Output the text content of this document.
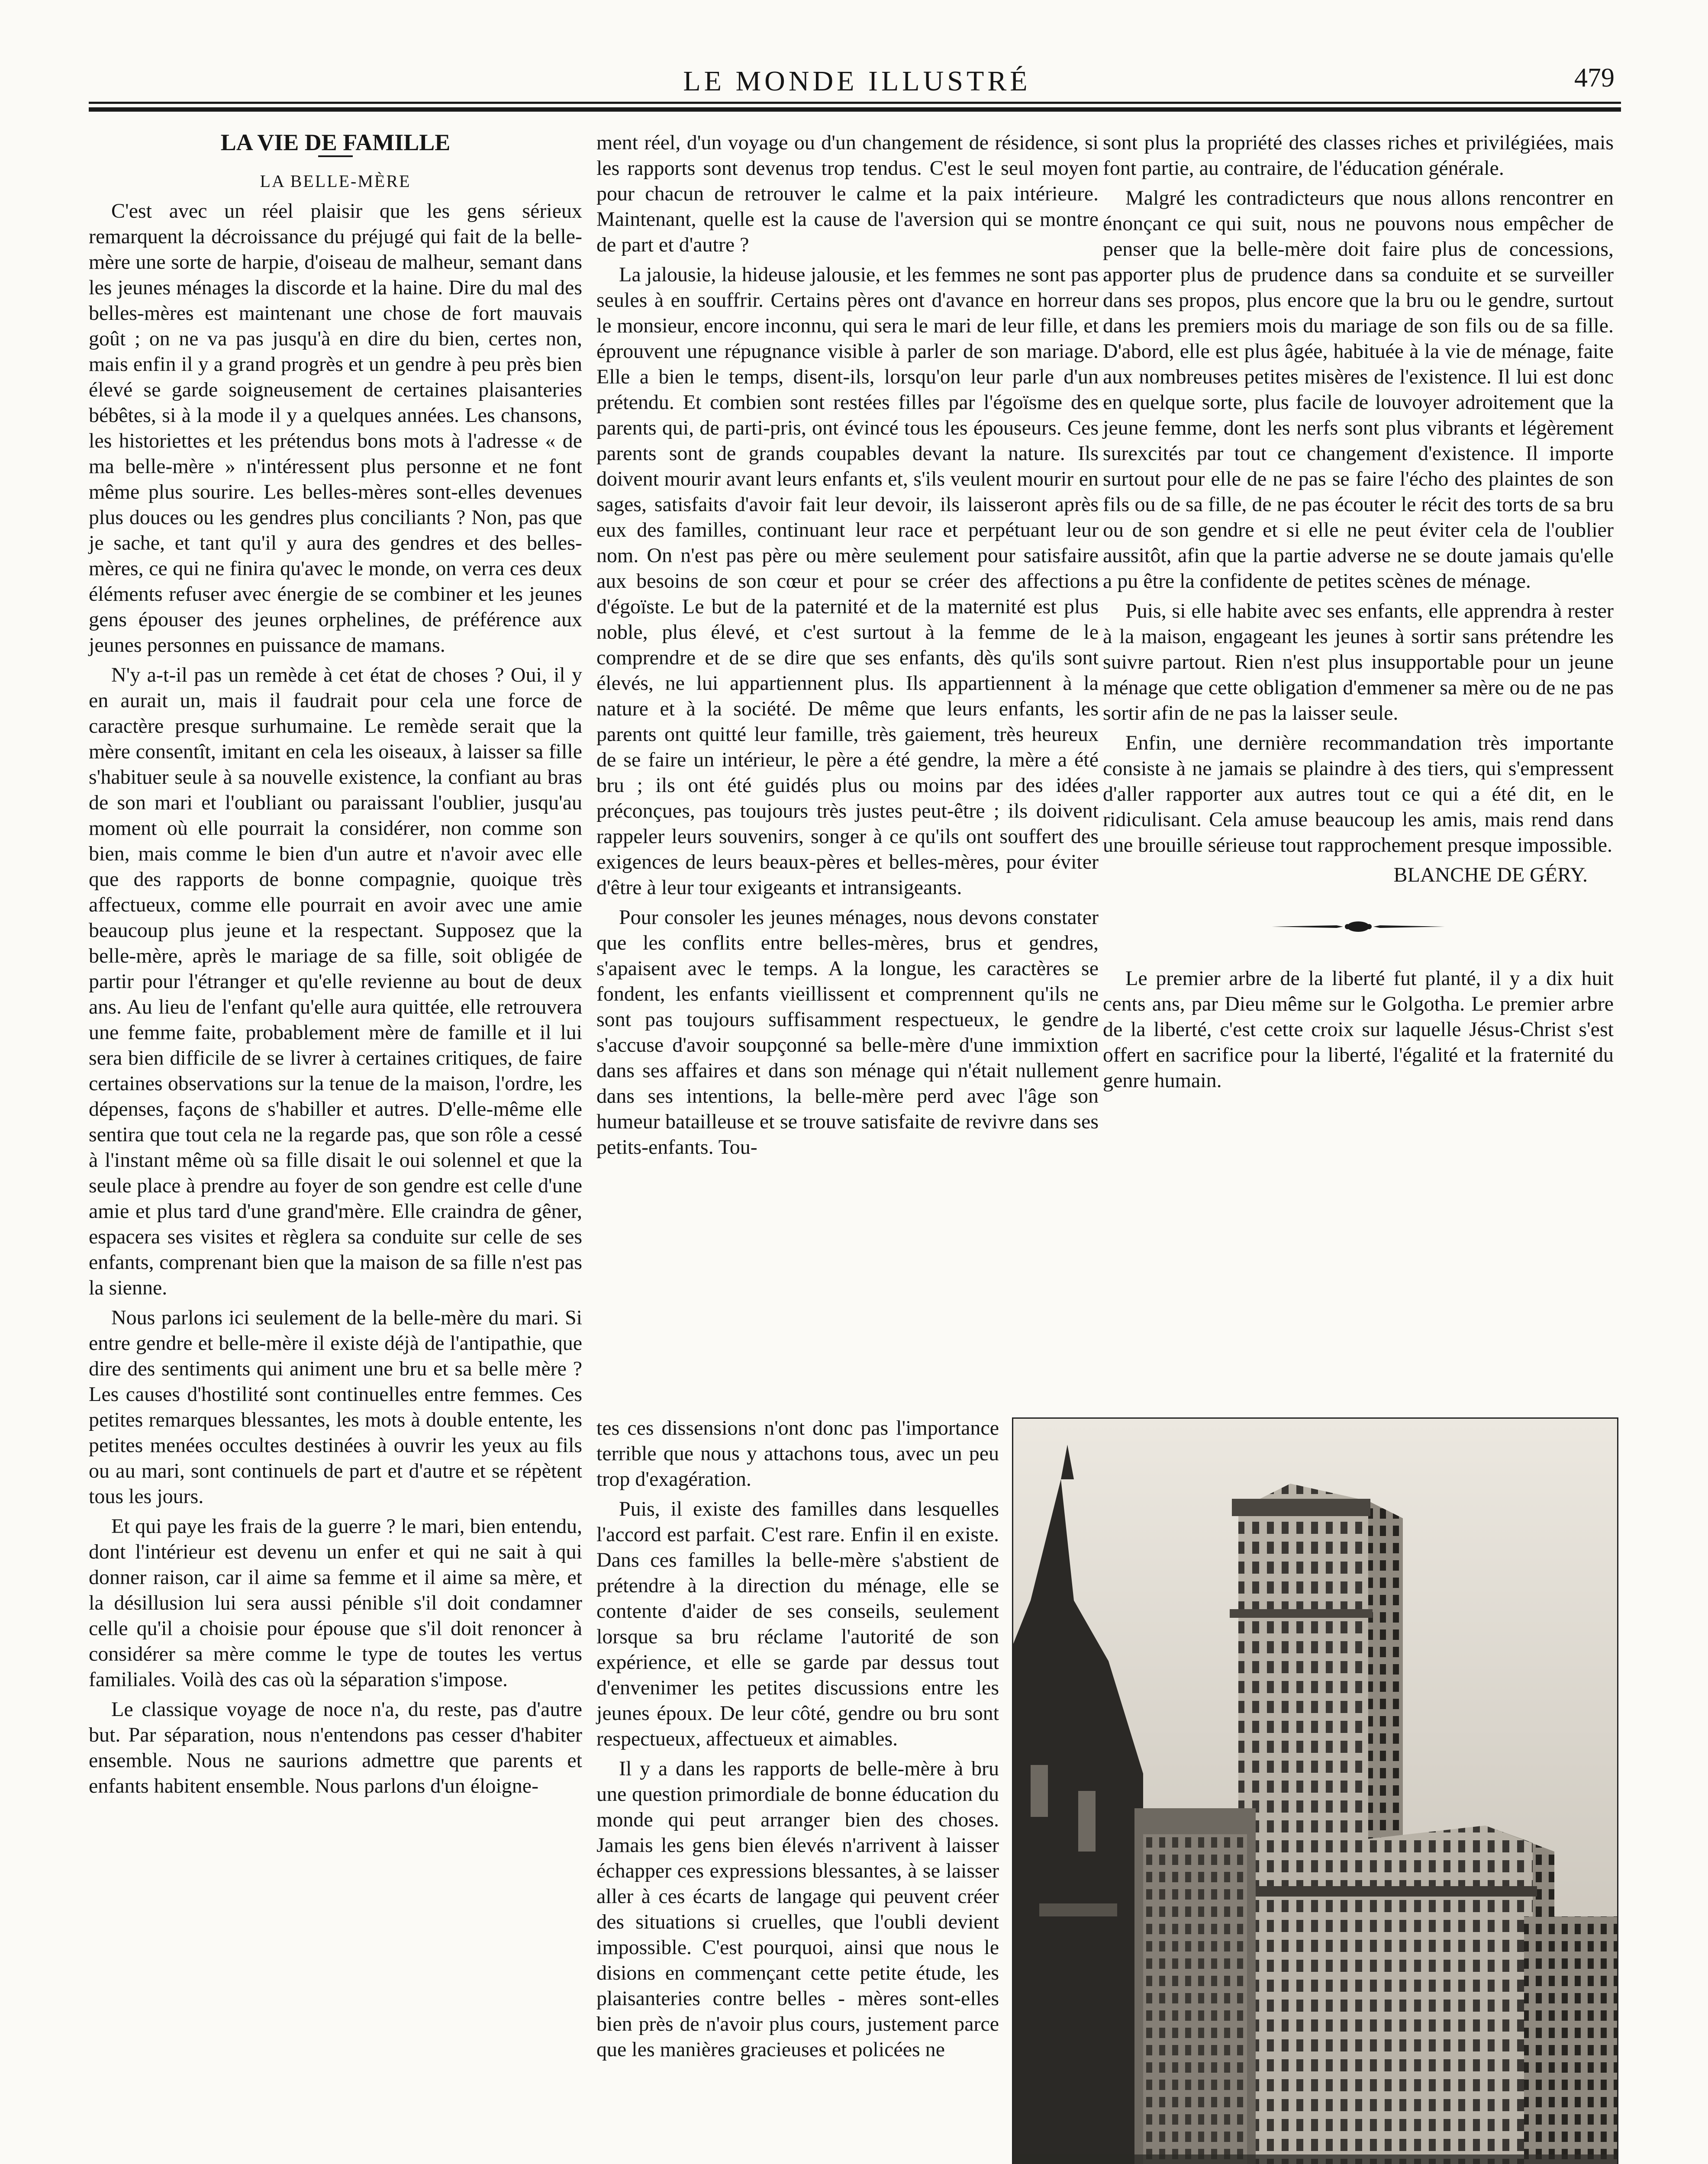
LE MONDE ILLUSTRÉ	479

LA VIE DE FAMILLE

LA BELLE-MÈRE

C'est avec un réel plaisir que les gens sérieux remarquent la décroissance du préjugé qui fait de la belle-mère une sorte de harpie, d'oiseau de malheur, semant dans les jeunes ménages la discorde et la haine. Dire du mal des belles-mères est maintenant une chose de fort mauvais goût ; on ne va pas jusqu'à en dire du bien, certes non, mais enfin il y a grand progrès et un gendre à peu près bien élevé se garde soigneusement de certaines plaisanteries bébêtes, si à la mode il y a quelques années. Les chansons, les historiettes et les prétendus bons mots à l'adresse « de ma belle-mère » n'intéressent plus personne et ne font même plus sourire. Les belles-mères sont-elles devenues plus douces ou les gendres plus conciliants ? Non, pas que je sache, et tant qu'il y aura des gendres et des belles-mères, ce qui ne finira qu'avec le monde, on verra ces deux éléments refuser avec énergie de se combiner et les jeunes gens épouser des jeunes orphelines, de préférence aux jeunes personnes en puissance de mamans.

N'y a-t-il pas un remède à cet état de choses ? Oui, il y en aurait un, mais il faudrait pour cela une force de caractère presque surhumaine. Le remède serait que la mère consentît, imitant en cela les oiseaux, à laisser sa fille s'habituer seule à sa nouvelle existence, la confiant au bras de son mari et l'oubliant ou paraissant l'oublier, jusqu'au moment où elle pourrait la considérer, non comme son bien, mais comme le bien d'un autre et n'avoir avec elle que des rapports de bonne compagnie, quoique très affectueux, comme elle pourrait en avoir avec une amie beaucoup plus jeune et la respectant. Supposez que la belle-mère, après le mariage de sa fille, soit obligée de partir pour l'étranger et qu'elle revienne au bout de deux ans. Au lieu de l'enfant qu'elle aura quittée, elle retrouvera une femme faite, probablement mère de famille et il lui sera bien difficile de se livrer à certaines critiques, de faire certaines observations sur la tenue de la maison, l'ordre, les dépenses, façons de s'habiller et autres. D'elle-même elle sentira que tout cela ne la regarde pas, que son rôle a cessé à l'instant même où sa fille disait le oui solennel et que la seule place à prendre au foyer de son gendre est celle d'une amie et plus tard d'une grand'mère. Elle craindra de gêner, espacera ses visites et règlera sa conduite sur celle de ses enfants, comprenant bien que la maison de sa fille n'est pas la sienne.

Nous parlons ici seulement de la belle-mère du mari. Si entre gendre et belle-mère il existe déjà de l'antipathie, que dire des sentiments qui animent une bru et sa belle mère ? Les causes d'hostilité sont continuelles entre femmes. Ces petites remarques blessantes, les mots à double entente, les petites menées occultes destinées à ouvrir les yeux au fils ou au mari, sont continuels de part et d'autre et se répètent tous les jours.

Et qui paye les frais de la guerre ? le mari, bien entendu, dont l'intérieur est devenu un enfer et qui ne sait à qui donner raison, car il aime sa femme et il aime sa mère, et la désillusion lui sera aussi pénible s'il doit condamner celle qu'il a choisie pour épouse que s'il doit renoncer à considérer sa mère comme le type de toutes les vertus familiales. Voilà des cas où la séparation s'impose.

Le classique voyage de noce n'a, du reste, pas d'autre but. Par séparation, nous n'entendons pas cesser d'habiter ensemble. Nous ne saurions admettre que parents et enfants habitent ensemble. Nous parlons d'un éloigne-

ment réel, d'un voyage ou d'un changement de résidence, si les rapports sont devenus trop tendus. C'est le seul moyen pour chacun de retrouver le calme et la paix intérieure. Maintenant, quelle est la cause de l'aversion qui se montre de part et d'autre ?

La jalousie, la hideuse jalousie, et les femmes ne sont pas seules à en souffrir. Certains pères ont d'avance en horreur le monsieur, encore inconnu, qui sera le mari de leur fille, et éprouvent une répugnance visible à parler de son mariage. Elle a bien le temps, disent-ils, lorsqu'on leur parle d'un prétendu. Et combien sont restées filles par l'égoïsme des parents qui, de parti-pris, ont évincé tous les épouseurs. Ces parents sont de grands coupables devant la nature. Ils doivent mourir avant leurs enfants et, s'ils veulent mourir en sages, satisfaits d'avoir fait leur devoir, ils laisseront après eux des familles, continuant leur race et perpétuant leur nom. On n'est pas père ou mère seulement pour satisfaire aux besoins de son cœur et pour se créer des affections d'égoïste. Le but de la paternité et de la maternité est plus noble, plus élevé, et c'est surtout à la femme de le comprendre et de se dire que ses enfants, dès qu'ils sont élevés, ne lui appartiennent plus. Ils appartiennent à la nature et à la société. De même que leurs enfants, les parents ont quitté leur famille, très gaiement, très heureux de se faire un intérieur, le père a été gendre, la mère a été bru ; ils ont été guidés plus ou moins par des idées préconçues, pas toujours très justes peut-être ; ils doivent rappeler leurs souvenirs, songer à ce qu'ils ont souffert des exigences de leurs beaux-pères et belles-mères, pour éviter d'être à leur tour exigeants et intransigeants.

Pour consoler les jeunes ménages, nous devons constater que les conflits entre belles-mères, brus et gendres, s'apaisent avec le temps. A la longue, les caractères se fondent, les enfants vieillissent et comprennent qu'ils ne sont pas toujours suffisamment respectueux, le gendre s'accuse d'avoir soupçonné sa belle-mère d'une immixtion dans ses affaires et dans son ménage qui n'était nullement dans ses intentions, la belle-mère perd avec l'âge son humeur batailleuse et se trouve satisfaite de revivre dans ses petits-enfants. Tou-

tes ces dissensions n'ont donc pas l'importance terrible que nous y attachons tous, avec un peu trop d'exagération.

Puis, il existe des familles dans lesquelles l'accord est parfait. C'est rare. Enfin il en existe. Dans ces familles la belle-mère s'abstient de prétendre à la direction du ménage, elle se contente d'aider de ses conseils, seulement lorsque sa bru réclame l'autorité de son expérience, et elle se garde par dessus tout d'envenimer les petites discussions entre les jeunes époux. De leur côté, gendre ou bru sont respectueux, affectueux et aimables.

Il y a dans les rapports de belle-mère à bru une question primordiale de bonne éducation du monde qui peut arranger bien des choses. Jamais les gens bien élevés n'arrivent à laisser échapper ces expressions blessantes, à se laisser aller à ces écarts de langage qui peuvent créer des situations si cruelles, que l'oubli devient impossible. C'est pourquoi, ainsi que nous le disions en commençant cette petite étude, les plaisanteries contre belles - mères sont-elles bien près de n'avoir plus cours, justement parce que les manières gracieuses et policées ne

sont plus la propriété des classes riches et privilégiées, mais font partie, au contraire, de l'éducation générale.

Malgré les contradicteurs que nous allons rencontrer en énonçant ce qui suit, nous ne pouvons nous empêcher de penser que la belle-mère doit faire plus de concessions, apporter plus de prudence dans sa conduite et se surveiller dans ses propos, plus encore que la bru ou le gendre, surtout dans les premiers mois du mariage de son fils ou de sa fille. D'abord, elle est plus âgée, habituée à la vie de ménage, faite aux nombreuses petites misères de l'existence. Il lui est donc en quelque sorte, plus facile de louvoyer adroitement que la jeune femme, dont les nerfs sont plus vibrants et légèrement surexcités par tout ce changement d'existence. Il importe surtout pour elle de ne pas se faire l'écho des plaintes de son fils ou de sa fille, de ne pas écouter le récit des torts de sa bru ou de son gendre et si elle ne peut éviter cela de l'oublier aussitôt, afin que la partie adverse ne se doute jamais qu'elle a pu être la confidente de petites scènes de ménage.

Puis, si elle habite avec ses enfants, elle apprendra à rester à la maison, engageant les jeunes à sortir sans prétendre les suivre partout. Rien n'est plus insupportable pour un jeune ménage que cette obligation d'emmener sa mère ou de ne pas sortir afin de ne pas la laisser seule.

Enfin, une dernière recommandation très importante consiste à ne jamais se plaindre à des tiers, qui s'empressent d'aller rapporter aux autres tout ce qui a été dit, en le ridiculisant. Cela amuse beaucoup les amis, mais rend dans une brouille sérieuse tout rapprochement presque impossible.

BLANCHE DE GÉRY.

Le premier arbre de la liberté fut planté, il y a dix huit cents ans, par Dieu même sur le Golgotha. Le premier arbre de la liberté, c'est cette croix sur laquelle Jésus-Christ s'est offert en sacrifice pour la liberté, l'égalité et la fraternité du genre humain.
